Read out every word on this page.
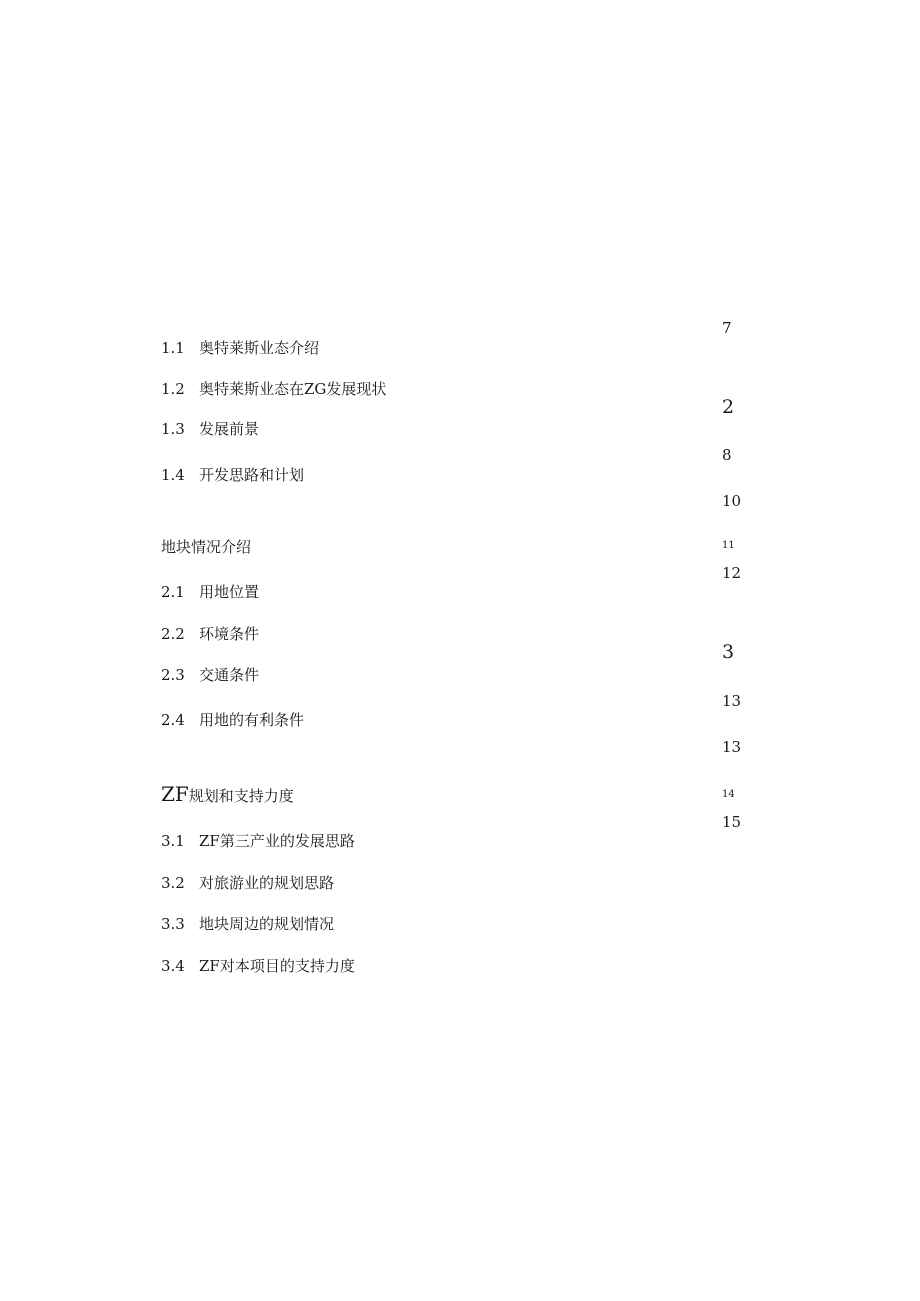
1.1 奥特莱斯业态介绍
1.2 奥特莱斯业态在ZG发展现状
1.3 发展前景
1.4 开发思路和计划
地块情况介绍
2.1 用地位置
2.2 环境条件
2.3 交通条件
2.4 用地的有利条件
ZF规划和支持力度
3.1 ZF第三产业的发展思路
3.2 对旅游业的规划思路
3.3 地块周边的规划情况
3.4 ZF对本项目的支持力度
7
2
8
10
11
12
3
13
13
14
15
